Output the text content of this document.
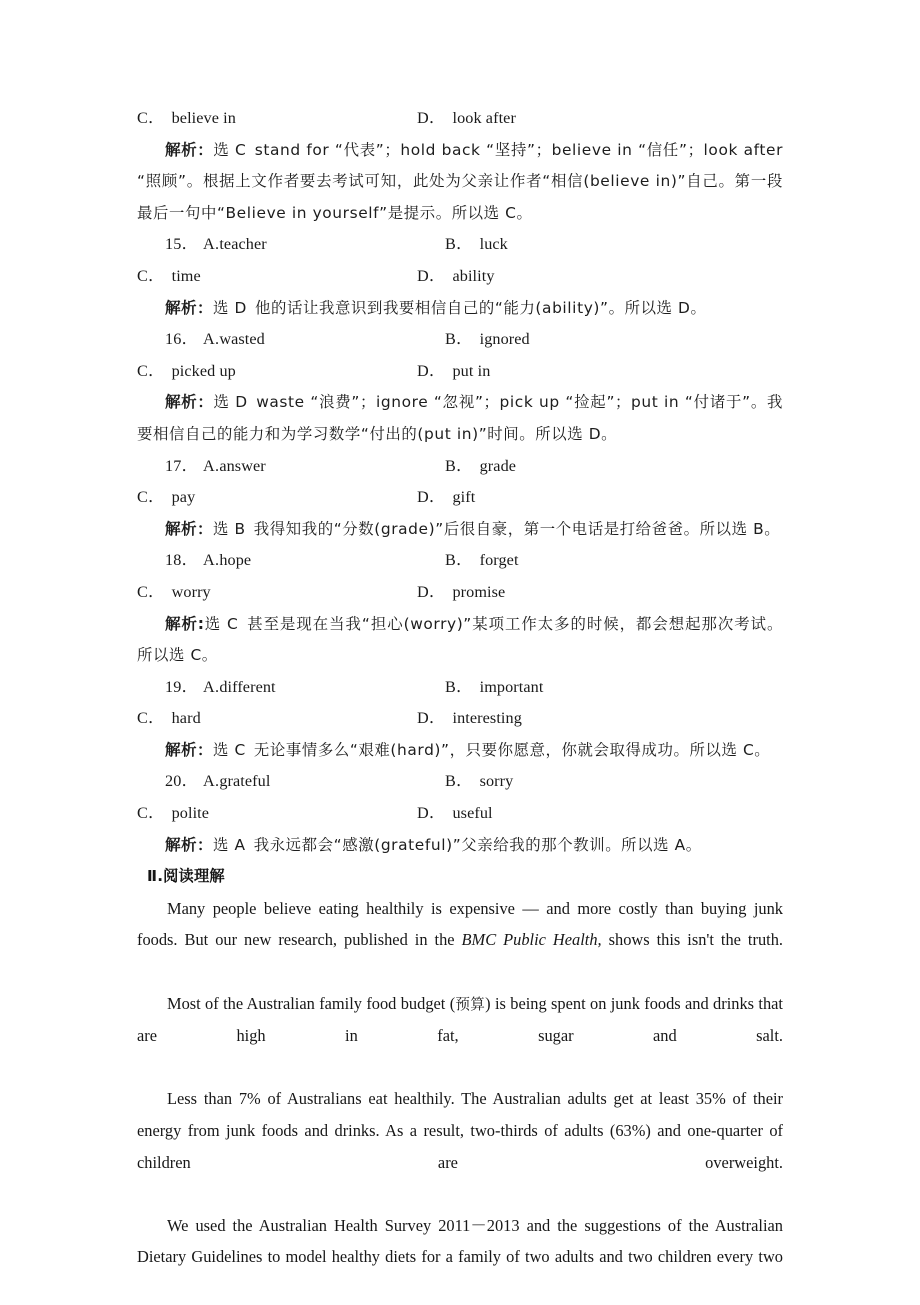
C． believe in	D． look after
解析：选 C stand for “代表”；hold back “坚持”；believe in “信任”；look after “照顾”。根据上文作者要去考试可知，此处为父亲让作者“相信(believe in)”自己。第一段最后一句中“Believe in yourself”是提示。所以选 C。
15． A. teacher	B． luck
C． time	D． ability
解析：选 D 他的话让我意识到我要相信自己的“能力(ability)”。所以选 D。
16． A. wasted	B． ignored
C． picked up	D． put in
解析：选 D waste “浪费”；ignore “忽视”；pick up “捡起”；put in “付诸于”。我要相信自己的能力和为学习数学“付出的(put in)”时间。所以选 D。
17． A. answer	B． grade
C． pay	D． gift
解析：选 B 我得知我的“分数(grade)”后很自豪，第一个电话是打给爸爸。所以选 B。
18． A. hope	B． forget
C． worry	D． promise
解析:选 C 甚至是现在当我“担心(worry)”某项工作太多的时候，都会想起那次考试。所以选 C。
19． A. different	B． important
C． hard	D． interesting
解析：选 C 无论事情多么“艰难(hard)”，只要你愿意，你就会取得成功。所以选 C。
20． A. grateful	B． sorry
C． polite	D． useful
解析：选 A 我永远都会“感激(grateful)”父亲给我的那个教训。所以选 A。
Ⅱ.阅读理解

Many people believe eating healthily is expensive — and more costly than buying junk foods. But our new research, published in the BMC Public Health, shows this isn't the truth.

Most of the Australian family food budget (预算) is being spent on junk foods and drinks that are high in fat, sugar and salt.

Less than 7% of Australians eat healthily. The Australian adults get at least 35% of their energy from junk foods and drinks. As a result, two-thirds of adults (63%) and one-quarter of children are overweight.

We used the Australian Health Survey 2011－2013 and the suggestions of the Australian Dietary Guidelines to model healthy diets for a family of two adults and two children every two
